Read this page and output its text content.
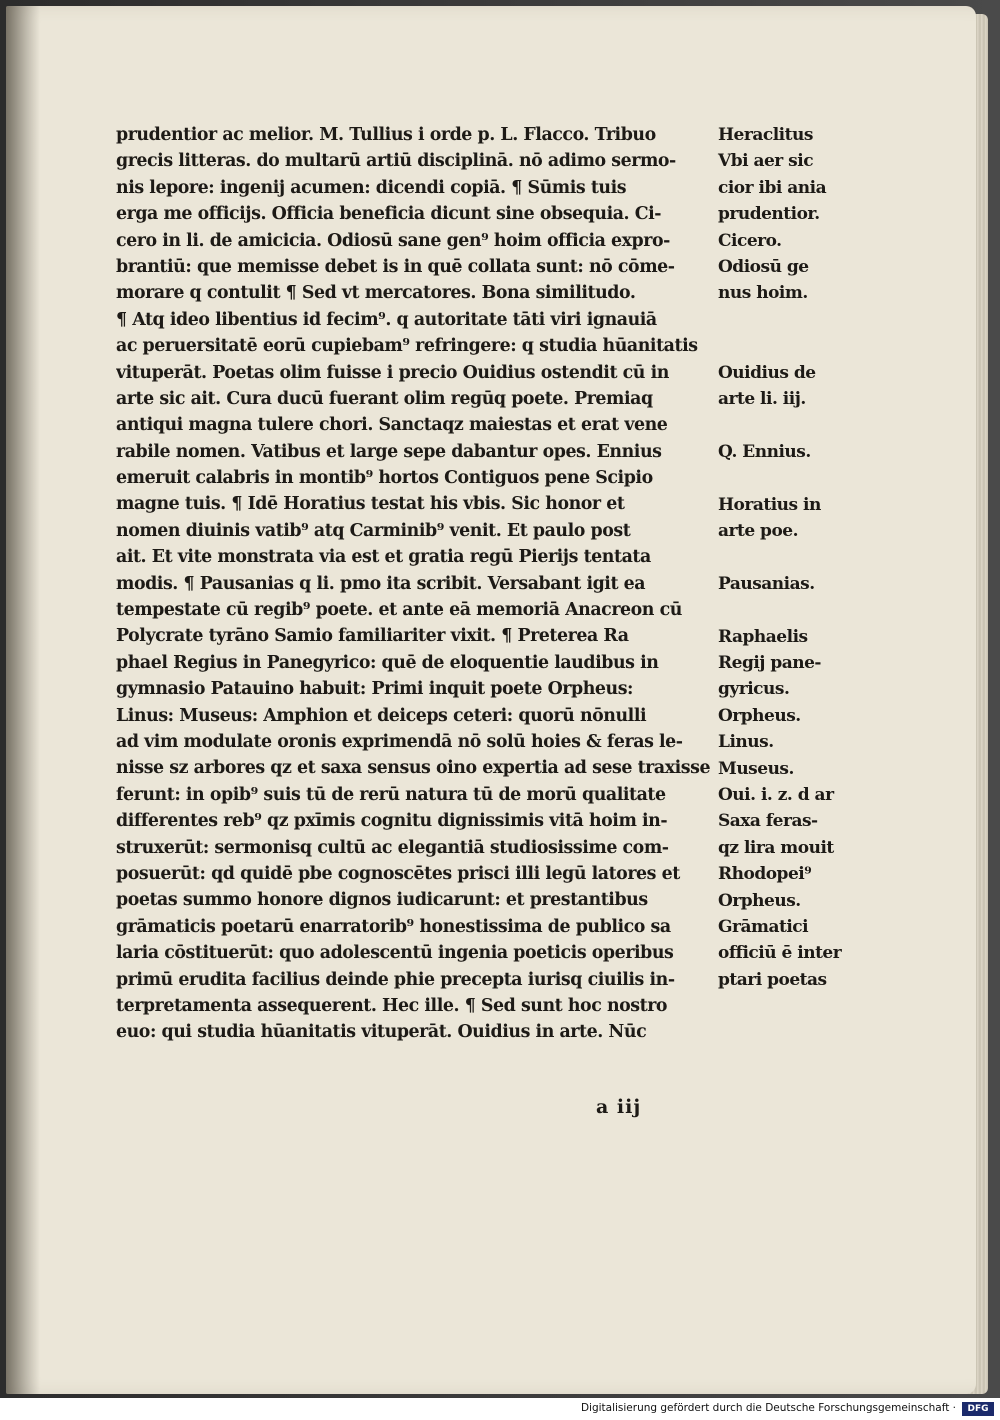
prudentior ac melior. M. Tullius i orde p. L. Flacco. Tribuo
grecis litteras. do multarū artiū disciplinā. nō adimo sermo-
nis lepore: ingenij acumen: dicendi copiā. ¶ Sūmis tuis
erga me officijs. Officia beneficia dicunt sine obsequia. Ci-
cero in li. de amicicia. Odiosū sane gen⁹ hoim officia expro-
brantiū: que memisse debet is in quē collata sunt: nō cōme-
morare q contulit ¶ Sed vt mercatores. Bona similitudo.
¶ Atq ideo libentius id fecim⁹. q autoritate tāti viri ignauiā
ac peruersitatē eorū cupiebam⁹ refringere: q studia hūanitatis
vituperāt. Poetas olim fuisse i precio Ouidius ostendit cū in
arte sic ait. Cura ducū fuerant olim regūq poete. Premiaq
antiqui magna tulere chori. Sanctaqz maiestas et erat vene
rabile nomen. Vatibus et large sepe dabantur opes. Ennius
emeruit calabris in montib⁹ hortos Contiguos pene Scipio
magne tuis. ¶ Idē Horatius testat his vbis. Sic honor et
nomen diuinis vatib⁹ atq Carminib⁹ venit. Et paulo post
ait. Et vite monstrata via est et gratia regū Pierijs tentata
modis. ¶ Pausanias q li. pmo ita scribit. Versabant igit ea
tempestate cū regib⁹ poete. et ante eā memoriā Anacreon cū
Polycrate tyrāno Samio familiariter vixit. ¶ Preterea Ra
phael Regius in Panegyrico: quē de eloquentie laudibus in
gymnasio Patauino habuit: Primi inquit poete Orpheus:
Linus: Museus: Amphion et deiceps ceteri: quorū nōnulli
ad vim modulate oronis exprimendā nō solū hoies & feras le-
nisse sz arbores qz et saxa sensus oino expertia ad sese traxisse
ferunt: in opib⁹ suis tū de rerū natura tū de morū qualitate
differentes reb⁹ qz pxīmis cognitu dignissimis vitā hoim in-
struxerūt: sermonisq cultū ac elegantiā studiosissime com-
posuerūt: qd quidē pbe cognoscētes prisci illi legū latores et
poetas summo honore dignos iudicarunt: et prestantibus
grāmaticis poetarū enarratorib⁹ honestissima de publico sa
laria cōstituerūt: quo adolescentū ingenia poeticis operibus
primū erudita facilius deinde phie precepta iurisq ciuilis in-
terpretamenta assequerent. Hec ille. ¶ Sed sunt hoc nostro
euo: qui studia hūanitatis vituperāt. Ouidius in arte. Nūc
Heraclitus
Vbi aer sic
cior ibi ania
prudentior.
Cicero.
Odiosū ge
nus hoim.
Ouidius de
arte li. iij.
Q. Ennius.
Horatius in
arte poe.
Pausanias.
Raphaelis
Regij pane-
gyricus.
Orpheus.
Linus.
Museus.
Oui. i. z. d ar
Saxa feras-
qz lira mouit
Rhodopei⁹
Orpheus.
Grāmatici
officiū ē inter
ptari poetas
a iij
Digitalisierung gefördert durch die Deutsche Forschungsgemeinschaft ·	DFG
